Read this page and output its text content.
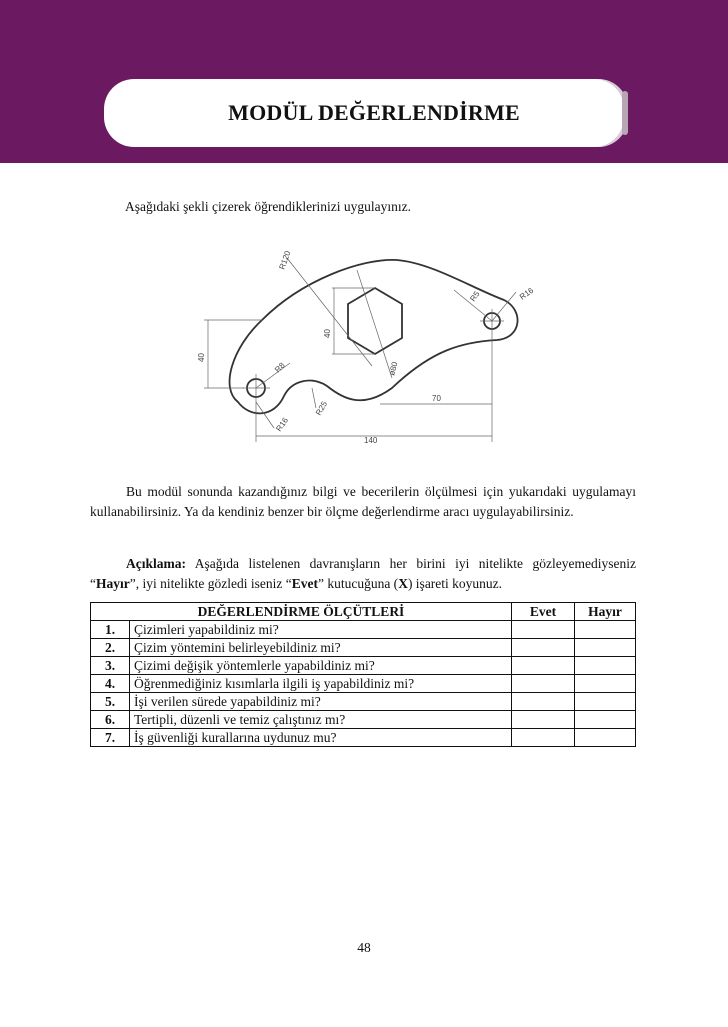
MODÜL DEĞERLENDİRME

Aşağıdaki şekli çizerek öğrendiklerinizi uygulayınız.

R120
R5	R16
40
40
R8	ø80
R25
R16
70
140

Bu modül sonunda kazandığınız bilgi ve becerilerin ölçülmesi için yukarıdaki uygulamayı kullanabilirsiniz. Ya da kendiniz benzer bir ölçme değerlendirme aracı uygulayabilirsiniz.

Açıklama: Aşağıda listelenen davranışların her birini iyi nitelikte gözleyemediyseniz “Hayır”, iyi nitelikte gözledi iseniz “Evet” kutucuğuna (X) işareti koyunuz.

DEĞERLENDİRME ÖLÇÜTLERİ		Evet	Hayır
1.	Çizimleri yapabildiniz mi?		
2.	Çizim yöntemini belirleyebildiniz mi?		
3.	Çizimi değişik yöntemlerle yapabildiniz mi?		
4.	Öğrenmediğiniz kısımlarla ilgili iş yapabildiniz mi?		
5.	İşi verilen sürede yapabildiniz mi?		
6.	Tertipli, düzenli ve temiz çalıştınız mı?		
7.	İş güvenliği kurallarına uydunuz mu?		
48
